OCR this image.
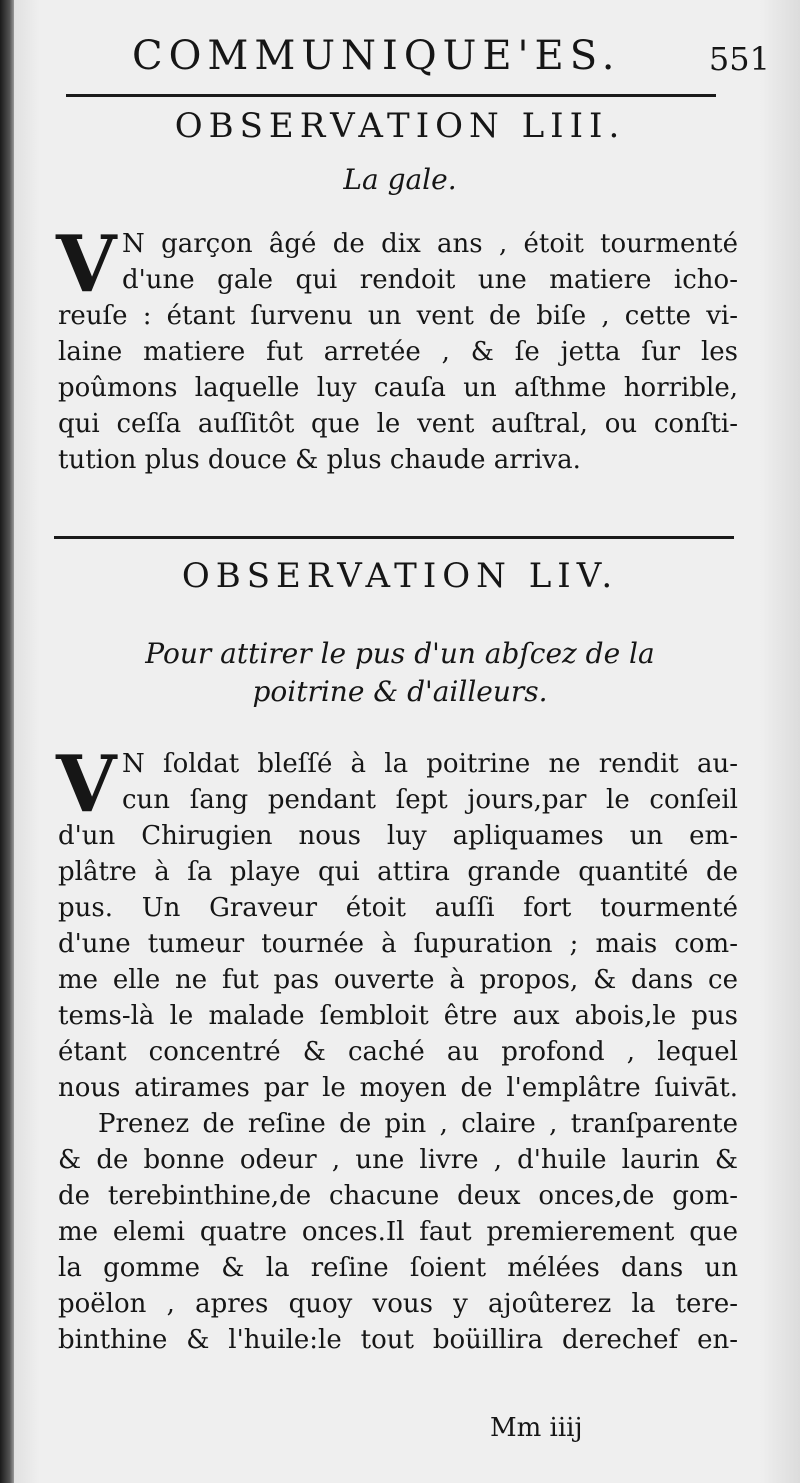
COMMUNIQUE'ES.	551
OBSERVATION LIII.
La gale.
V N garçon âgé de dix ans , étoit tourmenté
d'une gale qui rendoit une matiere icho-
reuſe : étant ſurvenu un vent de biſe , cette vi-
laine matiere fut arretée , & ſe jetta ſur les
poûmons laquelle luy cauſa un aſthme horrible,
qui ceſſa auſſitôt que le vent auſtral, ou conſti-
tution plus douce & plus chaude arriva.
OBSERVATION LIV.
Pour attirer le pus d'un abſcez de la
poitrine & d'ailleurs.
V N ſoldat bleſſé à la poitrine ne rendit au-
cun ſang pendant ſept jours,par le conſeil
d'un Chirugien nous luy apliquames un em-
plâtre à ſa playe qui attira grande quantité de
pus. Un Graveur étoit auſſi fort tourmenté
d'une tumeur tournée à ſupuration ; mais com-
me elle ne fut pas ouverte à propos, & dans ce
tems-là le malade ſembloit être aux abois,le pus
étant concentré & caché au profond , lequel
nous atirames par le moyen de l'emplâtre ſuivāt.
Prenez de reſine de pin , claire , tranſparente
& de bonne odeur , une livre , d'huile laurin &
de terebinthine,de chacune deux onces,de gom-
me elemi quatre onces.Il faut premierement que
la gomme & la reſine ſoient mélées dans un
poëlon , apres quoy vous y ajoûterez la tere-
binthine & l'huile:le tout boüillira derechef en-
Mm iiij
